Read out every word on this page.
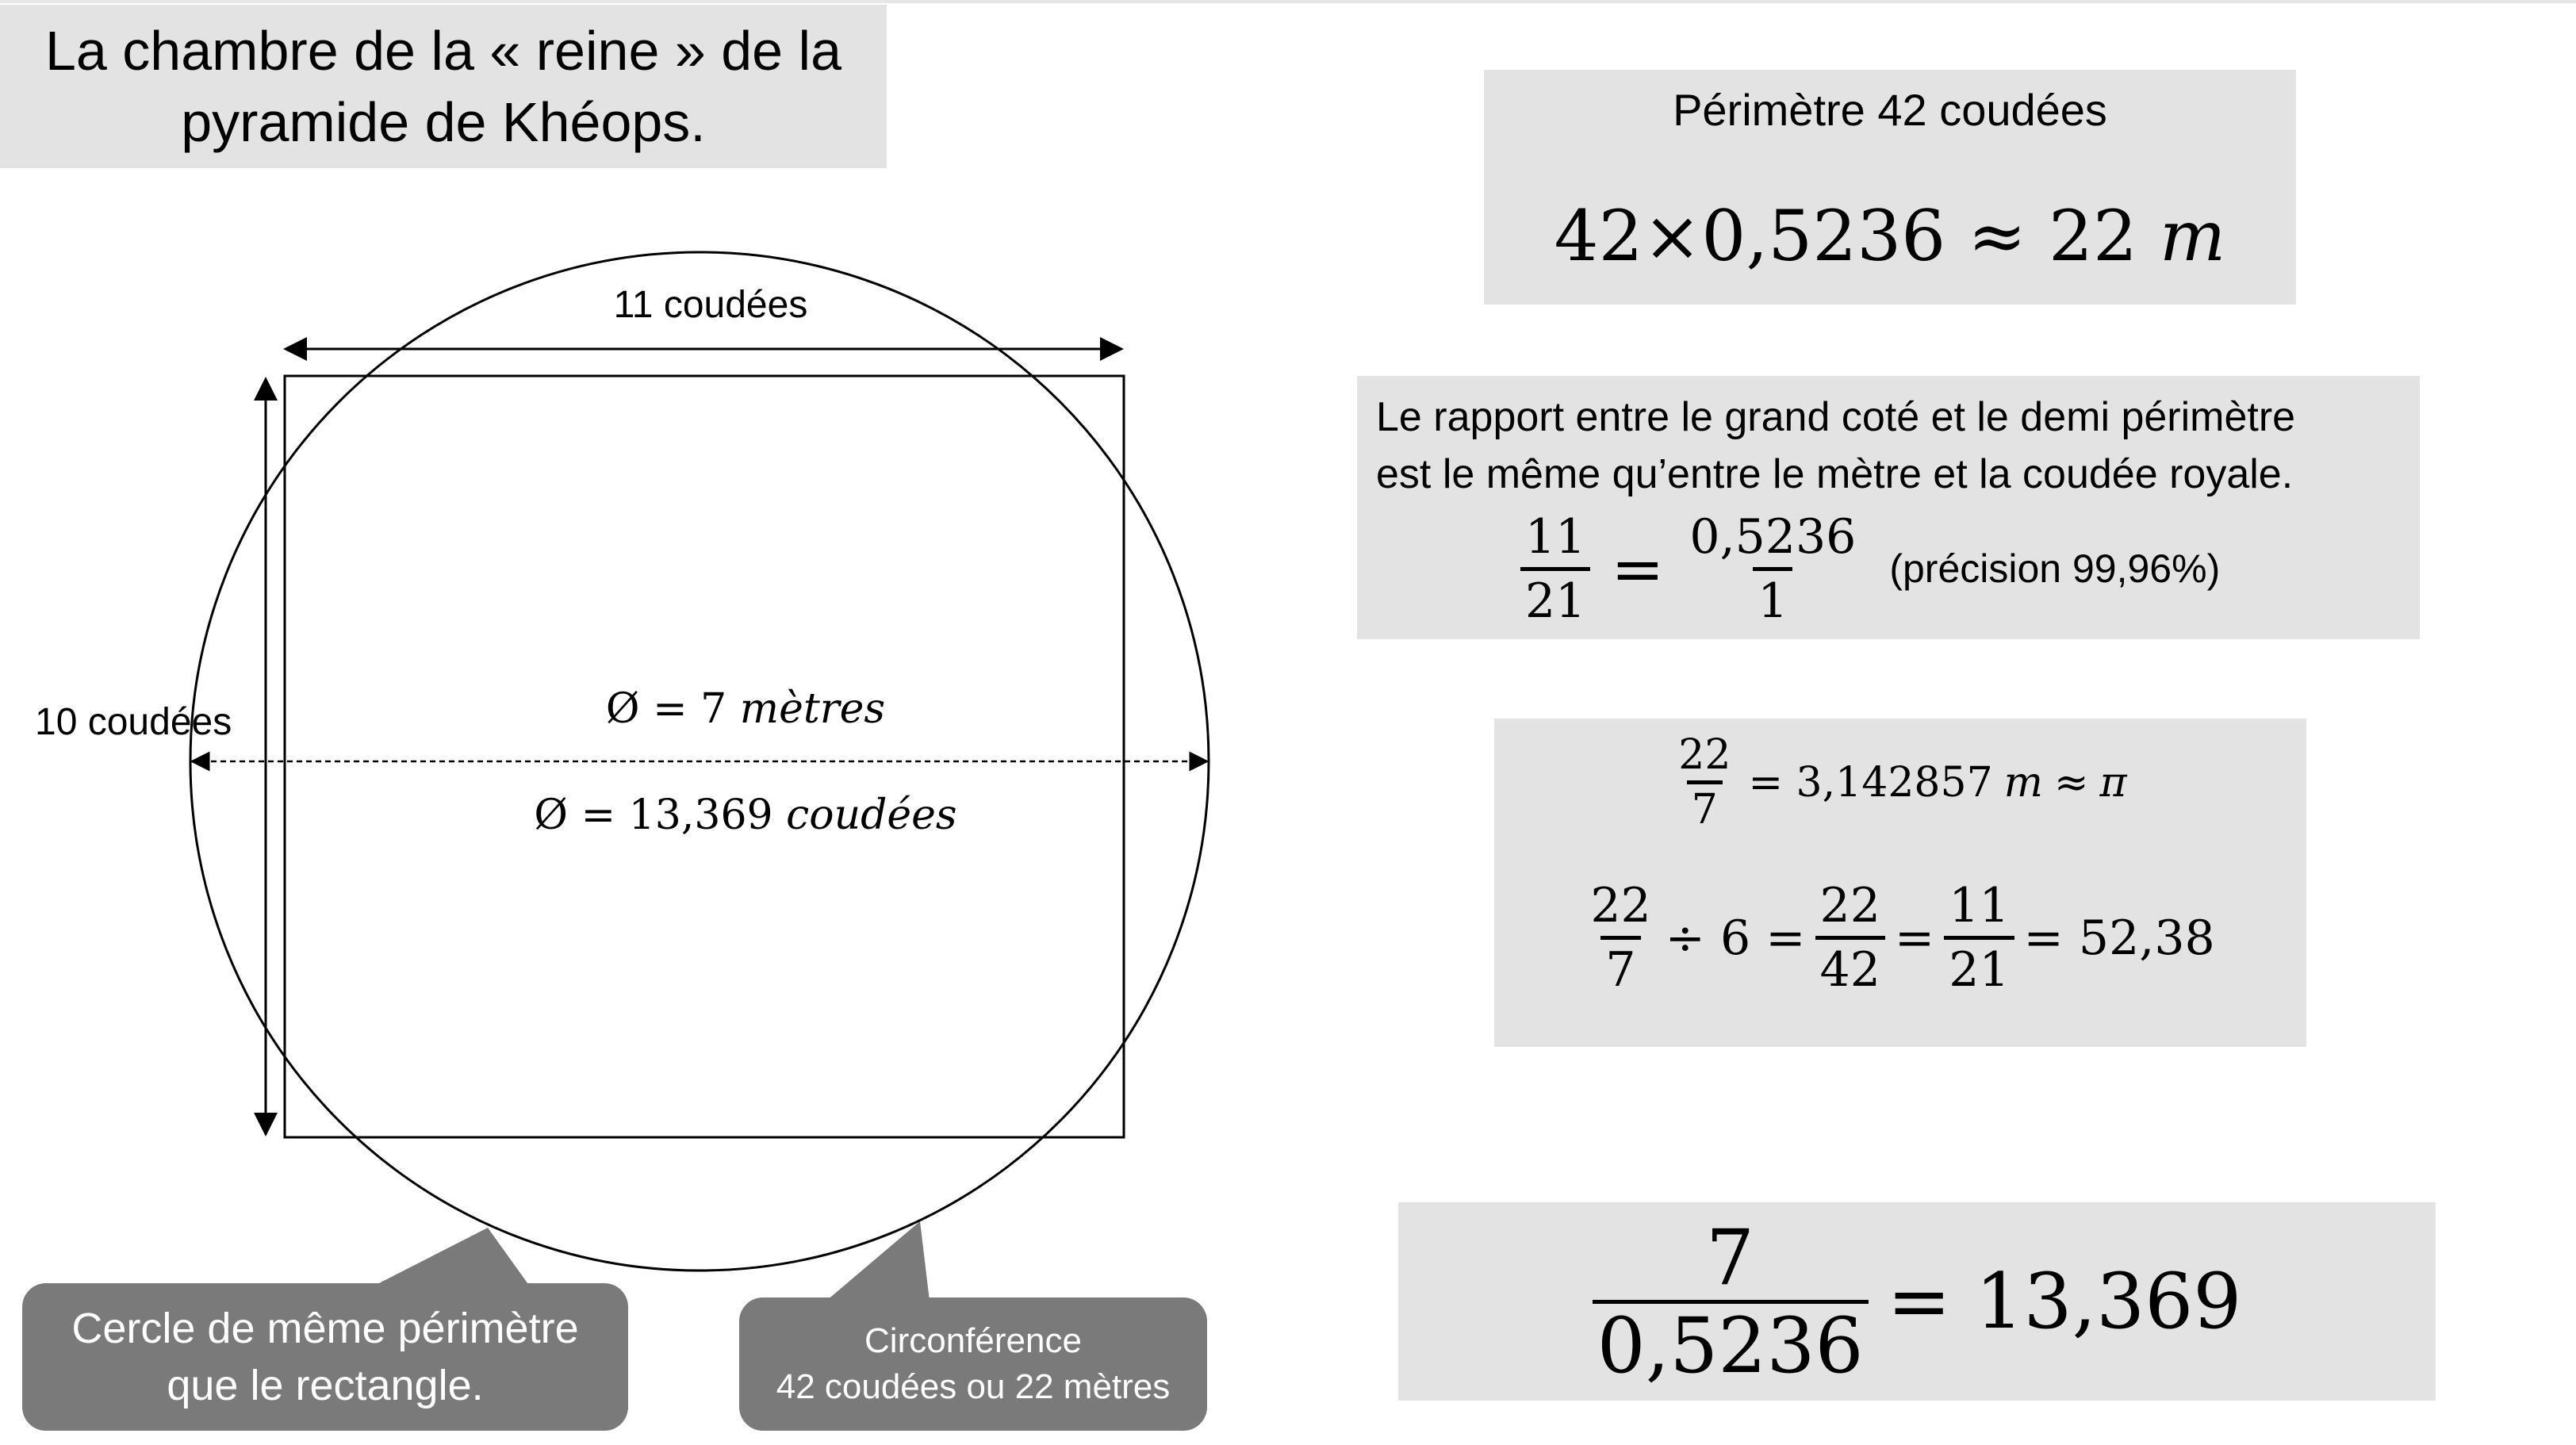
La chambre de la « reine » de la
pyramide de Khéops.
11 coudées
10 coudées	Ø = 7 mètres
Ø = 13,369 coudées
Cercle de même périmètre
que le rectangle.
Circonférence
42 coudées ou 22 mètres
Périmètre 42 coudées
42×0,5236 ≈ 22 m
Le rapport entre le grand coté et le demi périmètre
est le même qu’entre le mètre et la coudée royale.
$\frac{11}{21} = \frac{0,5236}{1}$ (précision 99,96%)
$\frac{22}{7} = 3,142857$ m ≈ π
$\frac{22}{7} \div 6 = \frac{22}{42} = \frac{11}{21} = 52,38$
$\frac{7}{0,5236} = 13,369$
